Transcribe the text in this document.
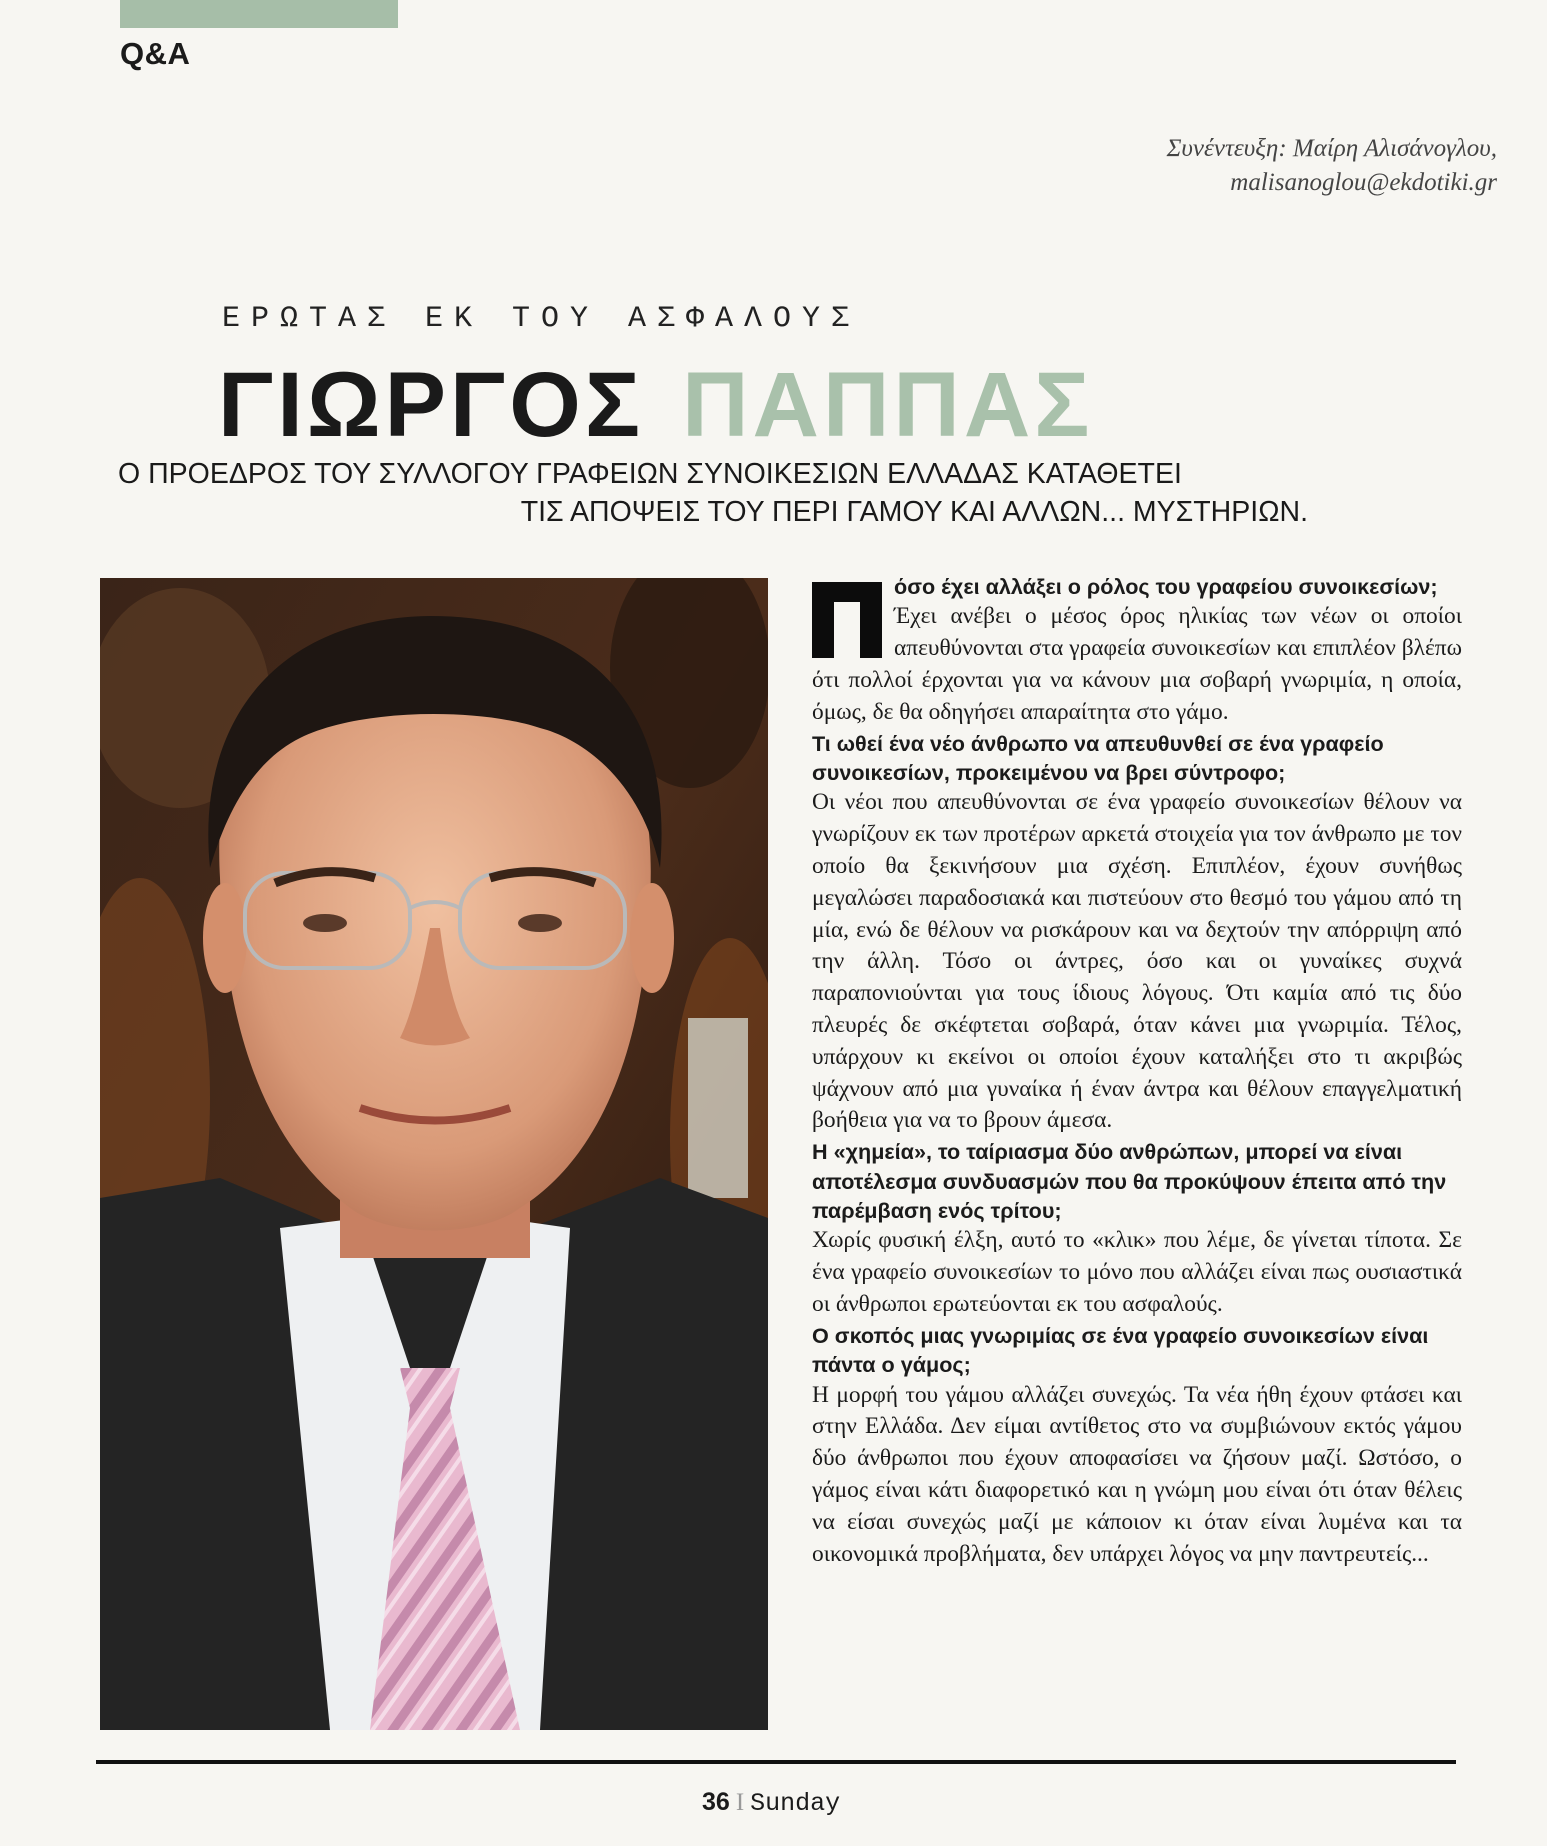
Q&A
Συνέντευξη: Μαίρη Αλισάνογλου,
malisanoglou@ekdotiki.gr
ΕΡΩΤΑΣ ΕΚ ΤΟΥ ΑΣΦΑΛΟΥΣ
ΓΙΩΡΓΟΣ ΠΑΠΠΑΣ
Ο ΠΡΟΕΔΡΟΣ ΤΟΥ ΣΥΛΛΟΓΟΥ ΓΡΑΦΕΙΩΝ ΣΥΝΟΙΚΕΣΙΩΝ ΕΛΛΑΔΑΣ ΚΑΤΑΘΕΤΕΙ
ΤΙΣ ΑΠΟΨΕΙΣ ΤΟΥ ΠΕΡΙ ΓΑΜΟΥ ΚΑΙ ΑΛΛΩΝ... ΜΥΣΤΗΡΙΩΝ.

όσο έχει αλλάξει ο ρόλος του γραφείου συνοικεσίων;

Έχει ανέβει ο μέσος όρος ηλικίας των νέων οι οποίοι απευθύνονται στα γραφεία συνοικεσίων και επιπλέον βλέπω ότι πολλοί έρχονται για να κάνουν μια σοβαρή γνωριμία, η οποία, όμως, δε θα οδηγήσει απαραίτητα στο γάμο.

Τι ωθεί ένα νέο άνθρωπο να απευθυνθεί σε ένα γραφείο συνοικεσίων, προκειμένου να βρει σύντροφο;

Οι νέοι που απευθύνονται σε ένα γραφείο συνοικεσίων θέλουν να γνωρίζουν εκ των προτέρων αρκετά στοιχεία για τον άνθρωπο με τον οποίο θα ξεκινήσουν μια σχέση. Επιπλέον, έχουν συνήθως μεγαλώσει παραδοσιακά και πιστεύουν στο θεσμό του γάμου από τη μία, ενώ δε θέλουν να ρισκάρουν και να δεχτούν την απόρριψη από την άλλη. Τόσο οι άντρες, όσο και οι γυναίκες συχνά παραπονιούνται για τους ίδιους λόγους. Ότι καμία από τις δύο πλευρές δε σκέφτεται σοβαρά, όταν κάνει μια γνωριμία. Τέλος, υπάρχουν κι εκείνοι οι οποίοι έχουν καταλήξει στο τι ακριβώς ψάχνουν από μια γυναίκα ή έναν άντρα και θέλουν επαγγελματική βοήθεια για να το βρουν άμεσα.

Η «χημεία», το ταίριασμα δύο ανθρώπων, μπορεί να είναι αποτέλεσμα συνδυασμών που θα προκύψουν έπειτα από την παρέμβαση ενός τρίτου;

Χωρίς φυσική έλξη, αυτό το «κλικ» που λέμε, δε γίνεται τίποτα. Σε ένα γραφείο συνοικεσίων το μόνο που αλλάζει είναι πως ουσιαστικά οι άνθρωποι ερωτεύονται εκ του ασφαλούς.

Ο σκοπός μιας γνωριμίας σε ένα γραφείο συνοικεσίων είναι πάντα ο γάμος;

Η μορφή του γάμου αλλάζει συνεχώς. Τα νέα ήθη έχουν φτάσει και στην Ελλάδα. Δεν είμαι αντίθετος στο να συμβιώνουν εκτός γάμου δύο άνθρωποι που έχουν αποφασίσει να ζήσουν μαζί. Ωστόσο, ο γάμος είναι κάτι διαφορετικό και η γνώμη μου είναι ότι όταν θέλεις να είσαι συνεχώς μαζί με κάποιον κι όταν είναι λυμένα και τα οικονομικά προβλήματα, δεν υπάρχει λόγος να μην παντρευτείς...

36 I Sunday
